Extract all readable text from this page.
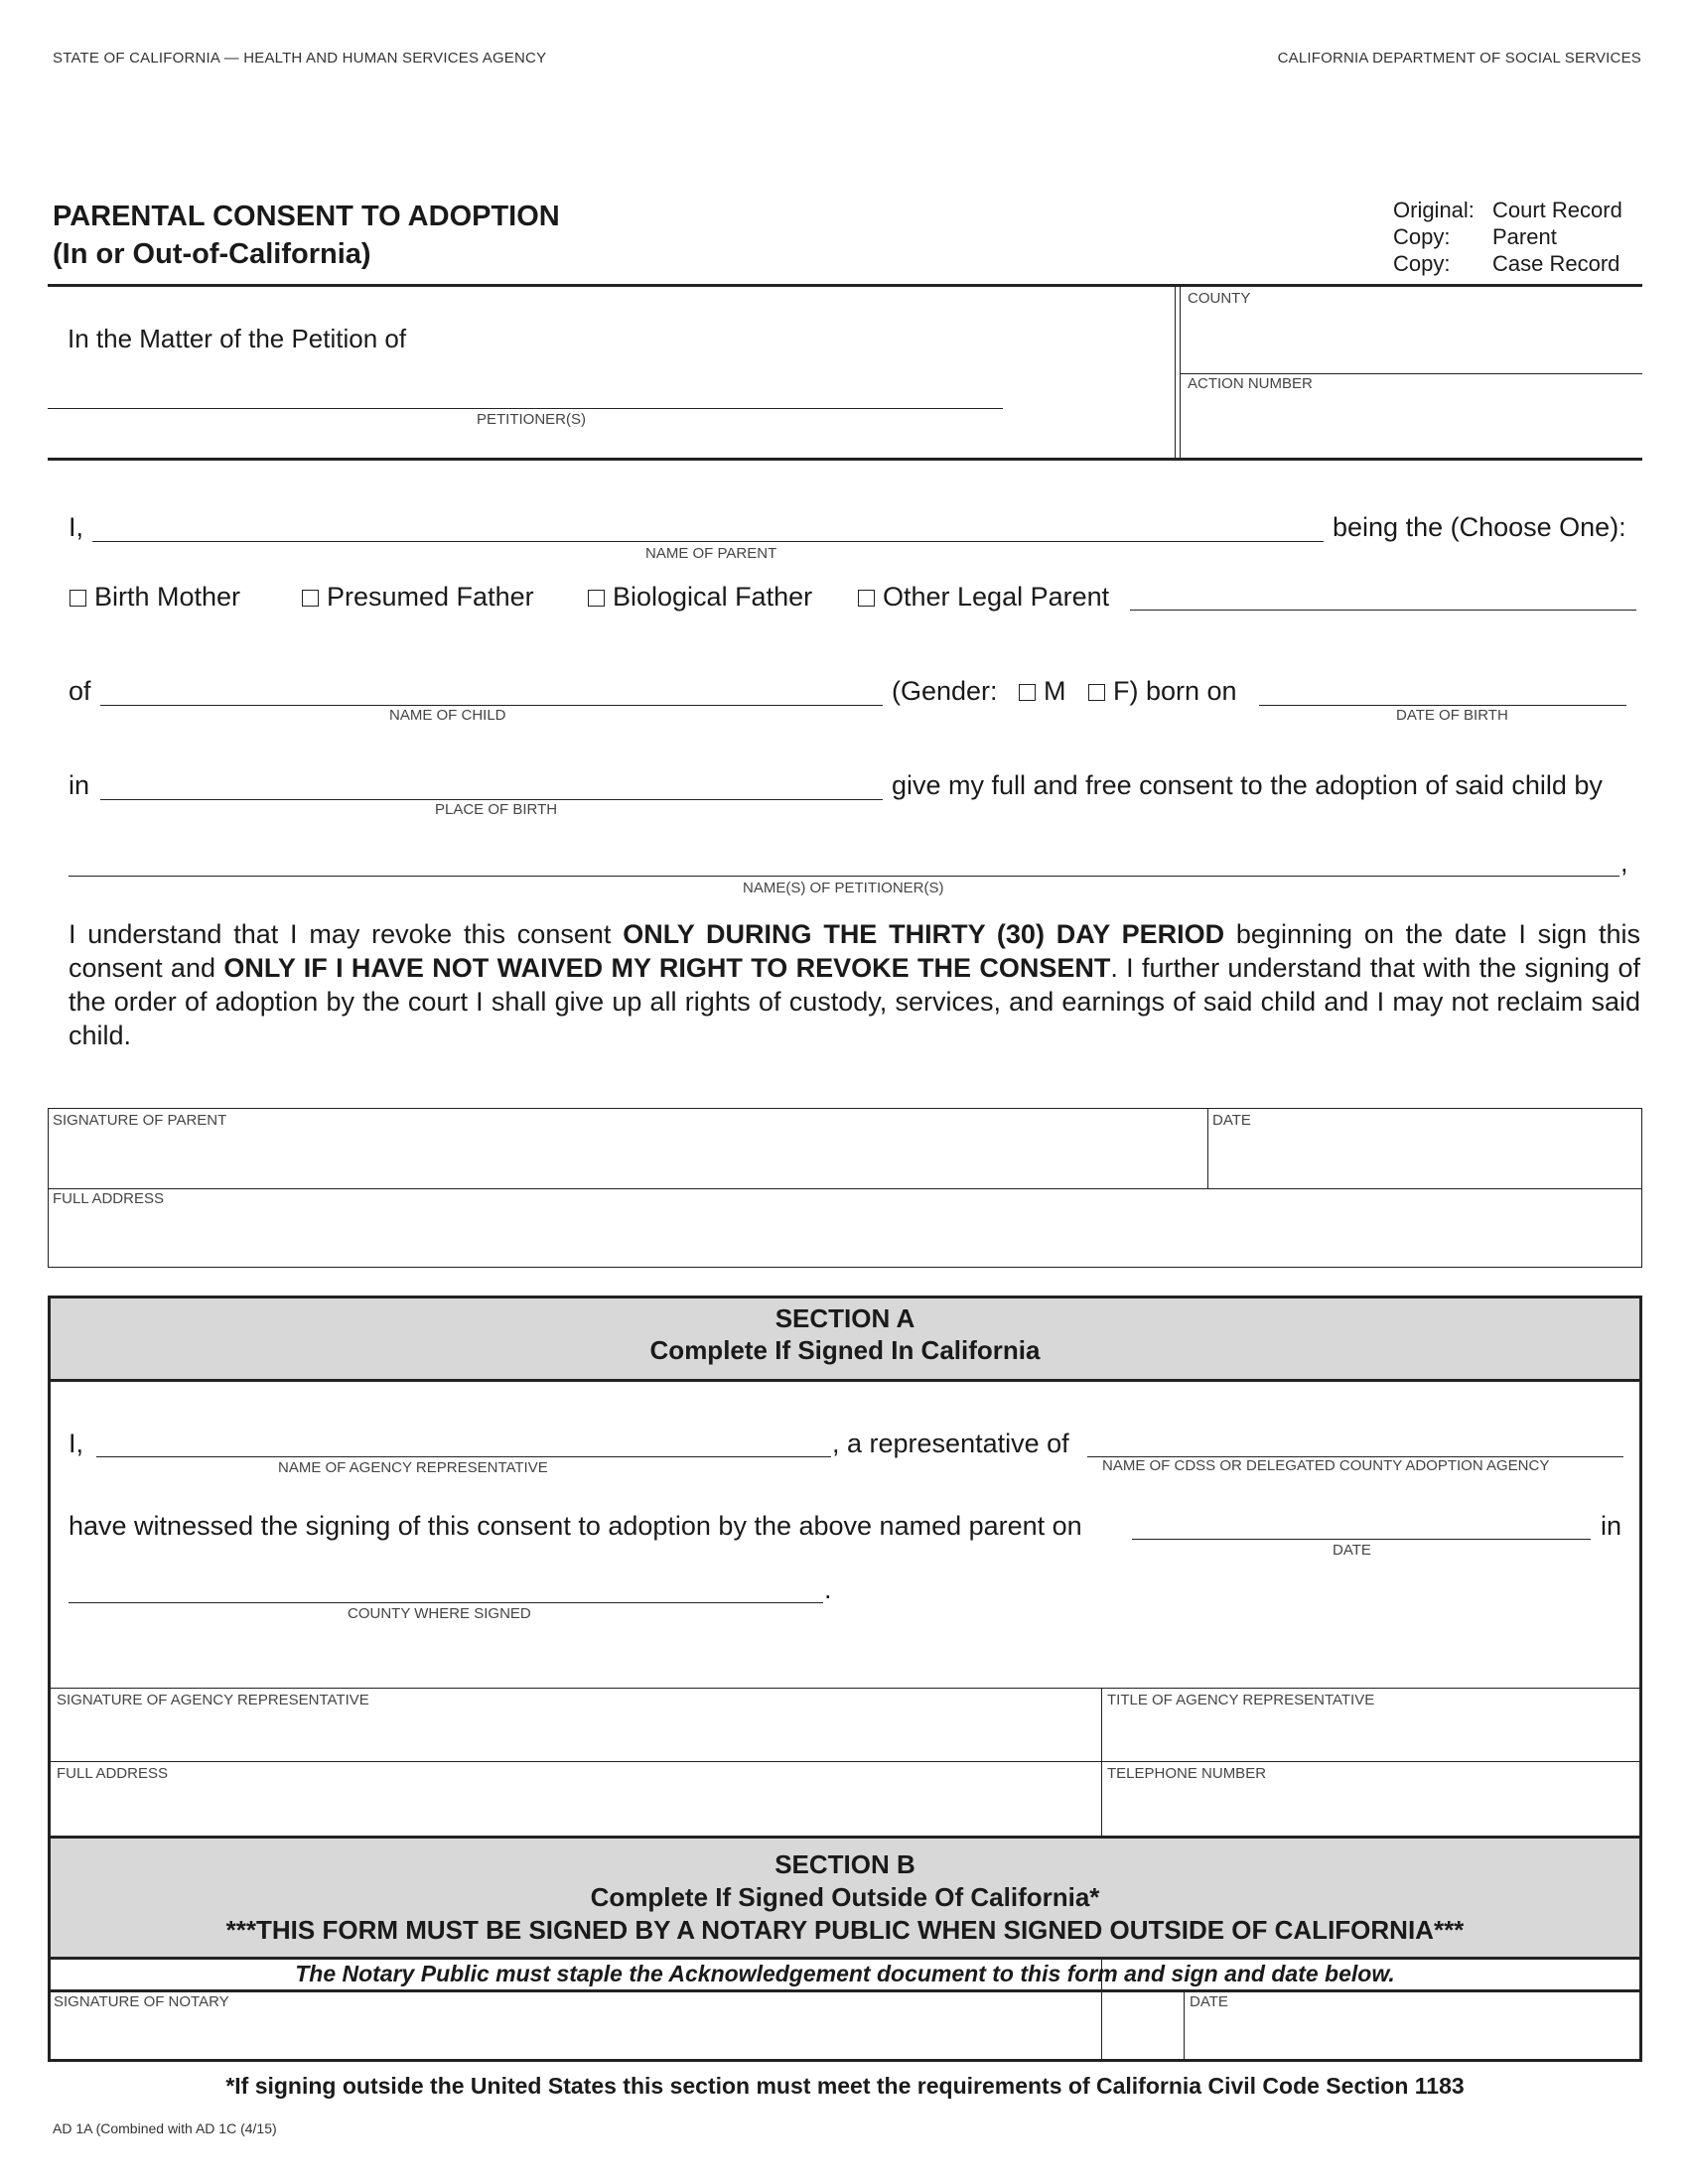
STATE OF CALIFORNIA — HEALTH AND HUMAN SERVICES AGENCY	CALIFORNIA DEPARTMENT OF SOCIAL SERVICES
PARENTAL CONSENT TO ADOPTION
(In or Out-of-California)
Original: Court Record
Copy: Parent
Copy: Case Record
In the Matter of the Petition of
PETITIONER(S)
COUNTY
ACTION NUMBER
I,
NAME OF PARENT
being the (Choose One):
Birth Mother	Presumed Father	Biological Father	Other Legal Parent
of
NAME OF CHILD
(Gender:	M	F) born on
DATE OF BIRTH
in
PLACE OF BIRTH
give my full and free consent to the adoption of said child by
,
NAME(S) OF PETITIONER(S)
I understand that I may revoke this consent ONLY DURING THE THIRTY (30) DAY PERIOD beginning on the date I sign this consent and ONLY IF I HAVE NOT WAIVED MY RIGHT TO REVOKE THE CONSENT. I further understand that with the signing of the order of adoption by the court I shall give up all rights of custody, services, and earnings of said child and I may not reclaim said child.
SIGNATURE OF PARENT	DATE
FULL ADDRESS
SECTION A
Complete If Signed In California
I,
NAME OF AGENCY REPRESENTATIVE
, a representative of
NAME OF CDSS OR DELEGATED COUNTY ADOPTION AGENCY
have witnessed the signing of this consent to adoption by the above named parent on	in
DATE
.
COUNTY WHERE SIGNED
SIGNATURE OF AGENCY REPRESENTATIVE	TITLE OF AGENCY REPRESENTATIVE
FULL ADDRESS	TELEPHONE NUMBER
SECTION B
Complete If Signed Outside Of California*
***THIS FORM MUST BE SIGNED BY A NOTARY PUBLIC WHEN SIGNED OUTSIDE OF CALIFORNIA***
The Notary Public must staple the Acknowledgement document to this form and sign and date below.
SIGNATURE OF NOTARY	DATE
*If signing outside the United States this section must meet the requirements of California Civil Code Section 1183
AD 1A (Combined with AD 1C (4/15)
